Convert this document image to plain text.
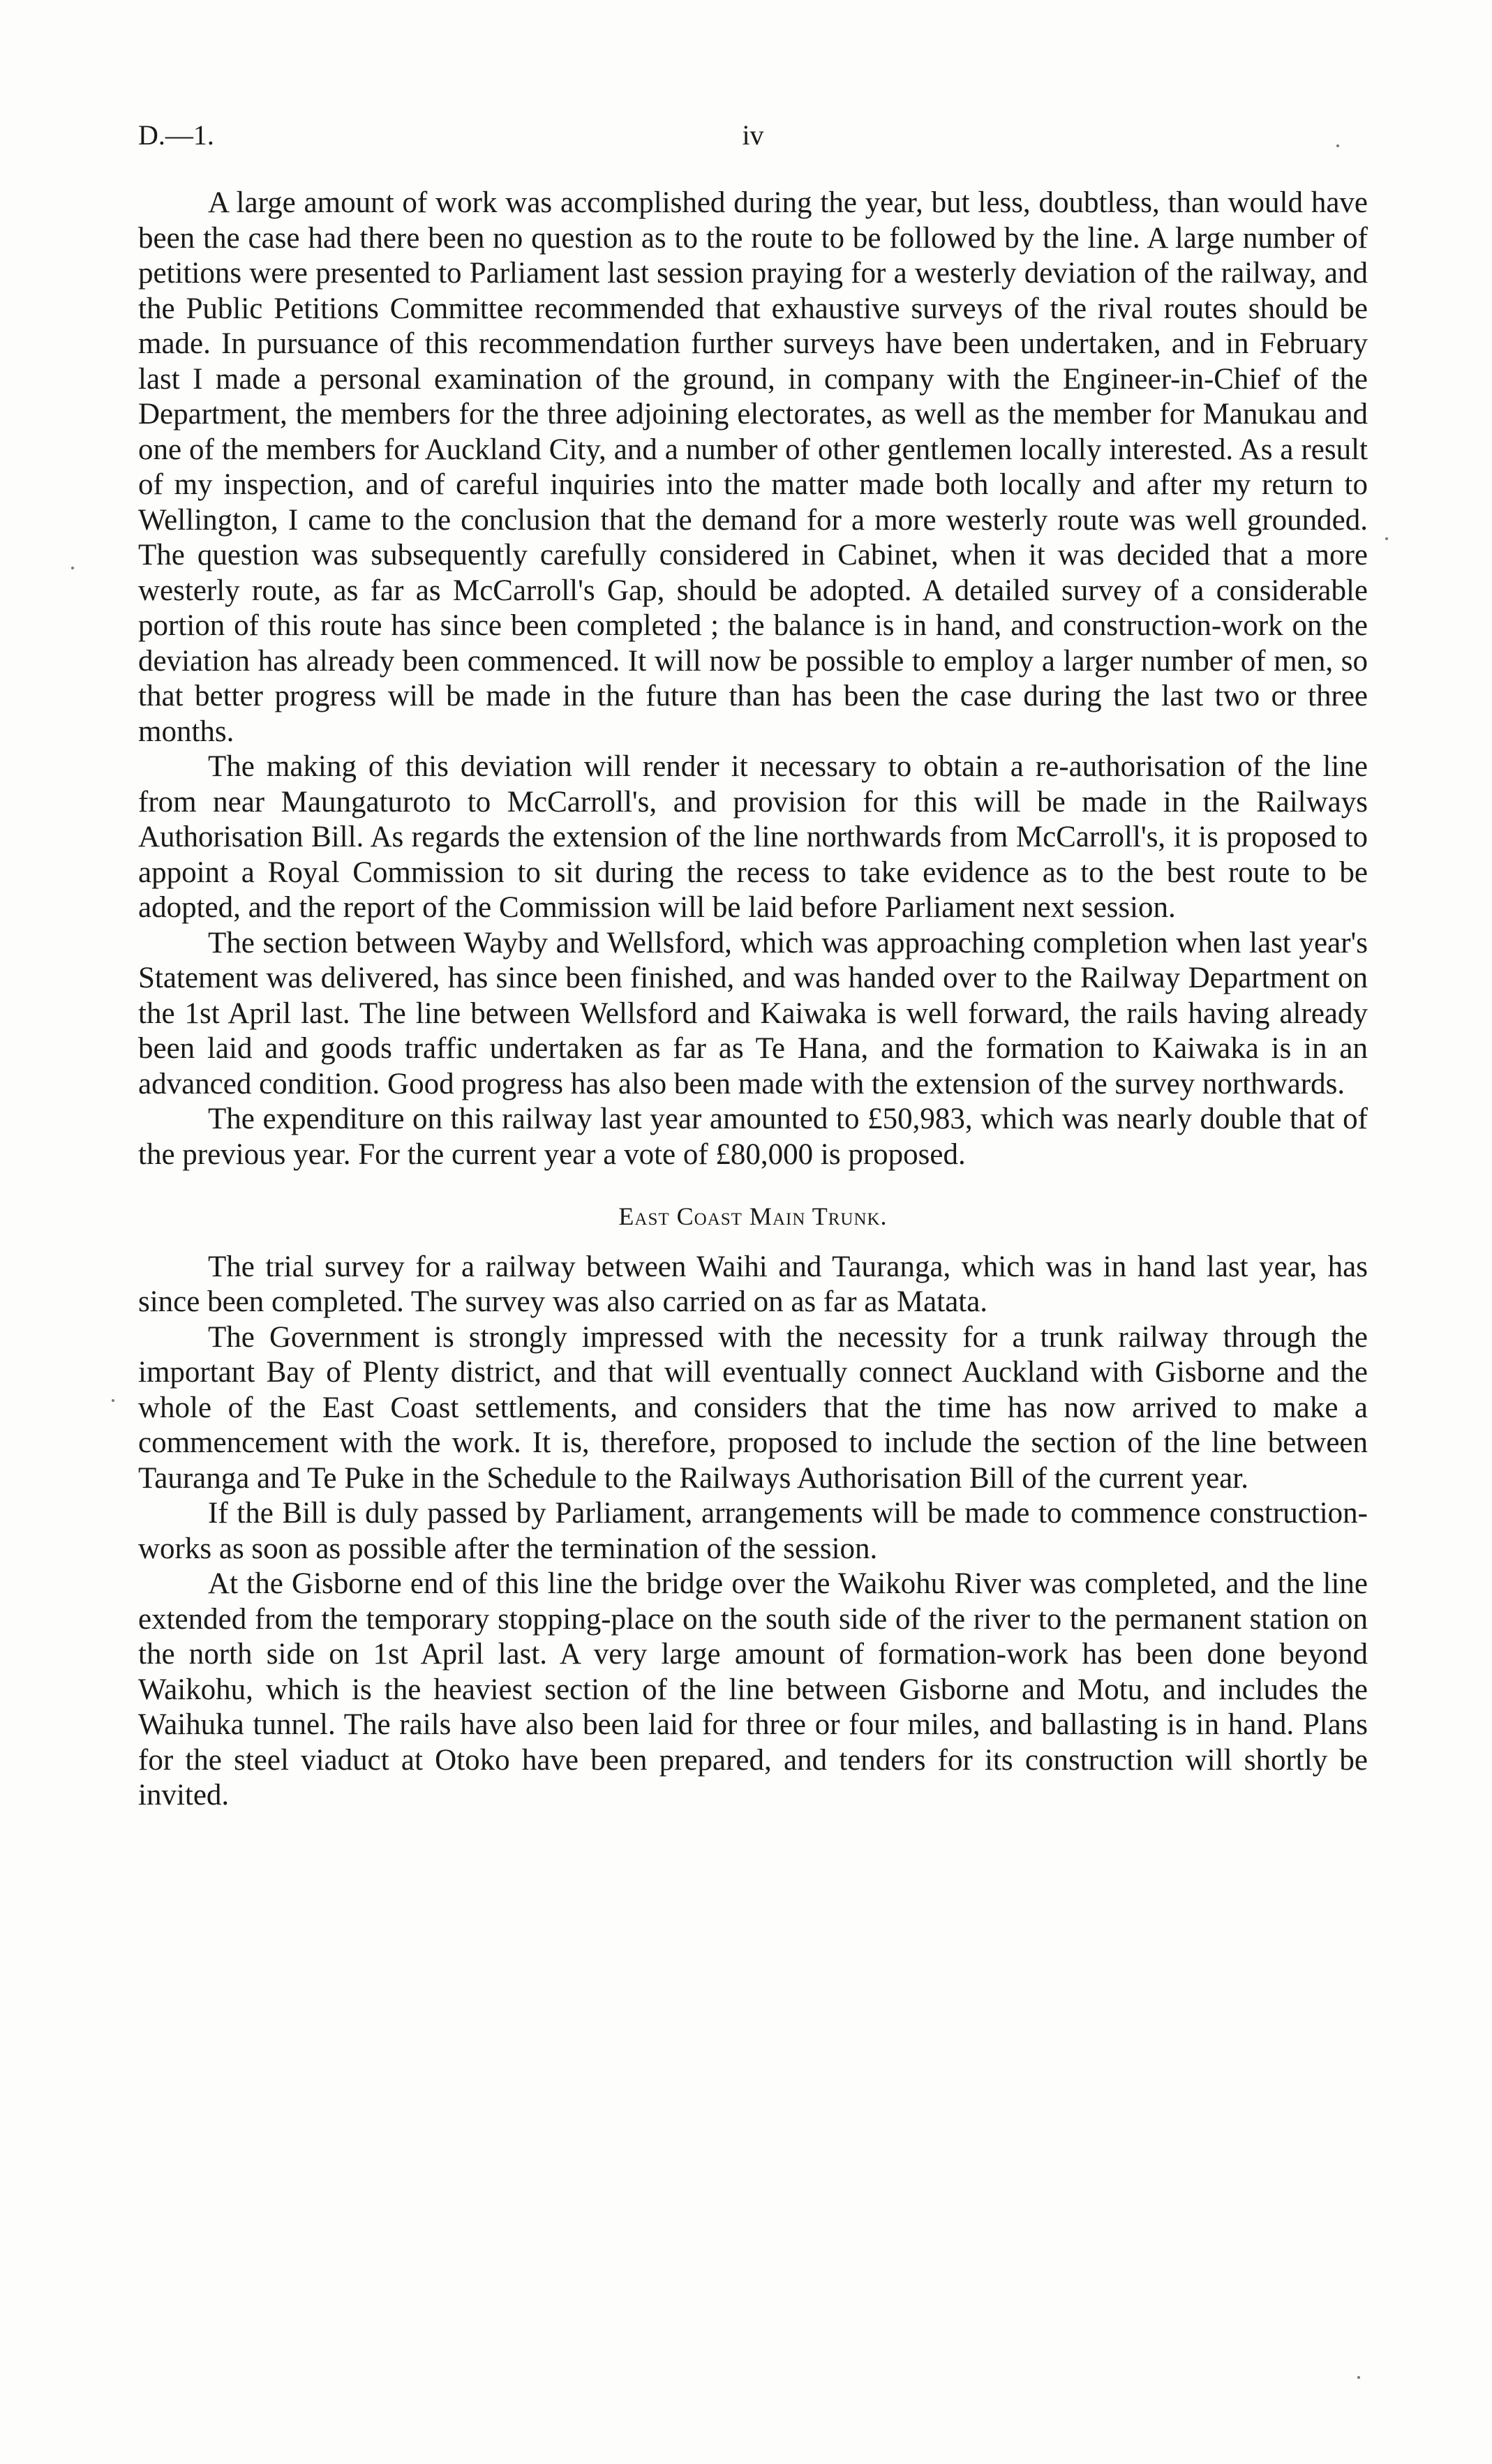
D.—1.	iv

A large amount of work was accomplished during the year, but less, doubtless, than would have been the case had there been no question as to the route to be followed by the line. A large number of petitions were presented to Parliament last session praying for a westerly deviation of the railway, and the Public Petitions Committee recommended that exhaustive surveys of the rival routes should be made. In pursuance of this recommendation further surveys have been undertaken, and in February last I made a personal examination of the ground, in company with the Engineer-in-Chief of the Department, the members for the three adjoining electorates, as well as the member for Manukau and one of the members for Auckland City, and a number of other gentlemen locally interested. As a result of my inspection, and of careful inquiries into the matter made both locally and after my return to Wellington, I came to the conclusion that the demand for a more westerly route was well grounded. The question was subsequently carefully considered in Cabinet, when it was decided that a more westerly route, as far as McCarroll's Gap, should be adopted. A detailed survey of a considerable portion of this route has since been completed ; the balance is in hand, and construction-work on the deviation has already been commenced. It will now be possible to employ a larger number of men, so that better progress will be made in the future than has been the case during the last two or three months.

The making of this deviation will render it necessary to obtain a re-authorisation of the line from near Maungaturoto to McCarroll's, and provision for this will be made in the Railways Authorisation Bill. As regards the extension of the line northwards from McCarroll's, it is proposed to appoint a Royal Commission to sit during the recess to take evidence as to the best route to be adopted, and the report of the Commission will be laid before Parliament next session.

The section between Wayby and Wellsford, which was approaching completion when last year's Statement was delivered, has since been finished, and was handed over to the Railway Department on the 1st April last. The line between Wellsford and Kaiwaka is well forward, the rails having already been laid and goods traffic undertaken as far as Te Hana, and the formation to Kaiwaka is in an advanced condition. Good progress has also been made with the extension of the survey northwards.

The expenditure on this railway last year amounted to £50,983, which was nearly double that of the previous year. For the current year a vote of £80,000 is proposed.

East Coast Main Trunk.

The trial survey for a railway between Waihi and Tauranga, which was in hand last year, has since been completed. The survey was also carried on as far as Matata.

The Government is strongly impressed with the necessity for a trunk railway through the important Bay of Plenty district, and that will eventually connect Auckland with Gisborne and the whole of the East Coast settlements, and considers that the time has now arrived to make a commencement with the work. It is, therefore, proposed to include the section of the line between Tauranga and Te Puke in the Schedule to the Railways Authorisation Bill of the current year.

If the Bill is duly passed by Parliament, arrangements will be made to commence construction-works as soon as possible after the termination of the session.

At the Gisborne end of this line the bridge over the Waikohu River was completed, and the line extended from the temporary stopping-place on the south side of the river to the permanent station on the north side on 1st April last. A very large amount of formation-work has been done beyond Waikohu, which is the heaviest section of the line between Gisborne and Motu, and includes the Waihuka tunnel. The rails have also been laid for three or four miles, and ballasting is in hand. Plans for the steel viaduct at Otoko have been prepared, and tenders for its construction will shortly be invited.
